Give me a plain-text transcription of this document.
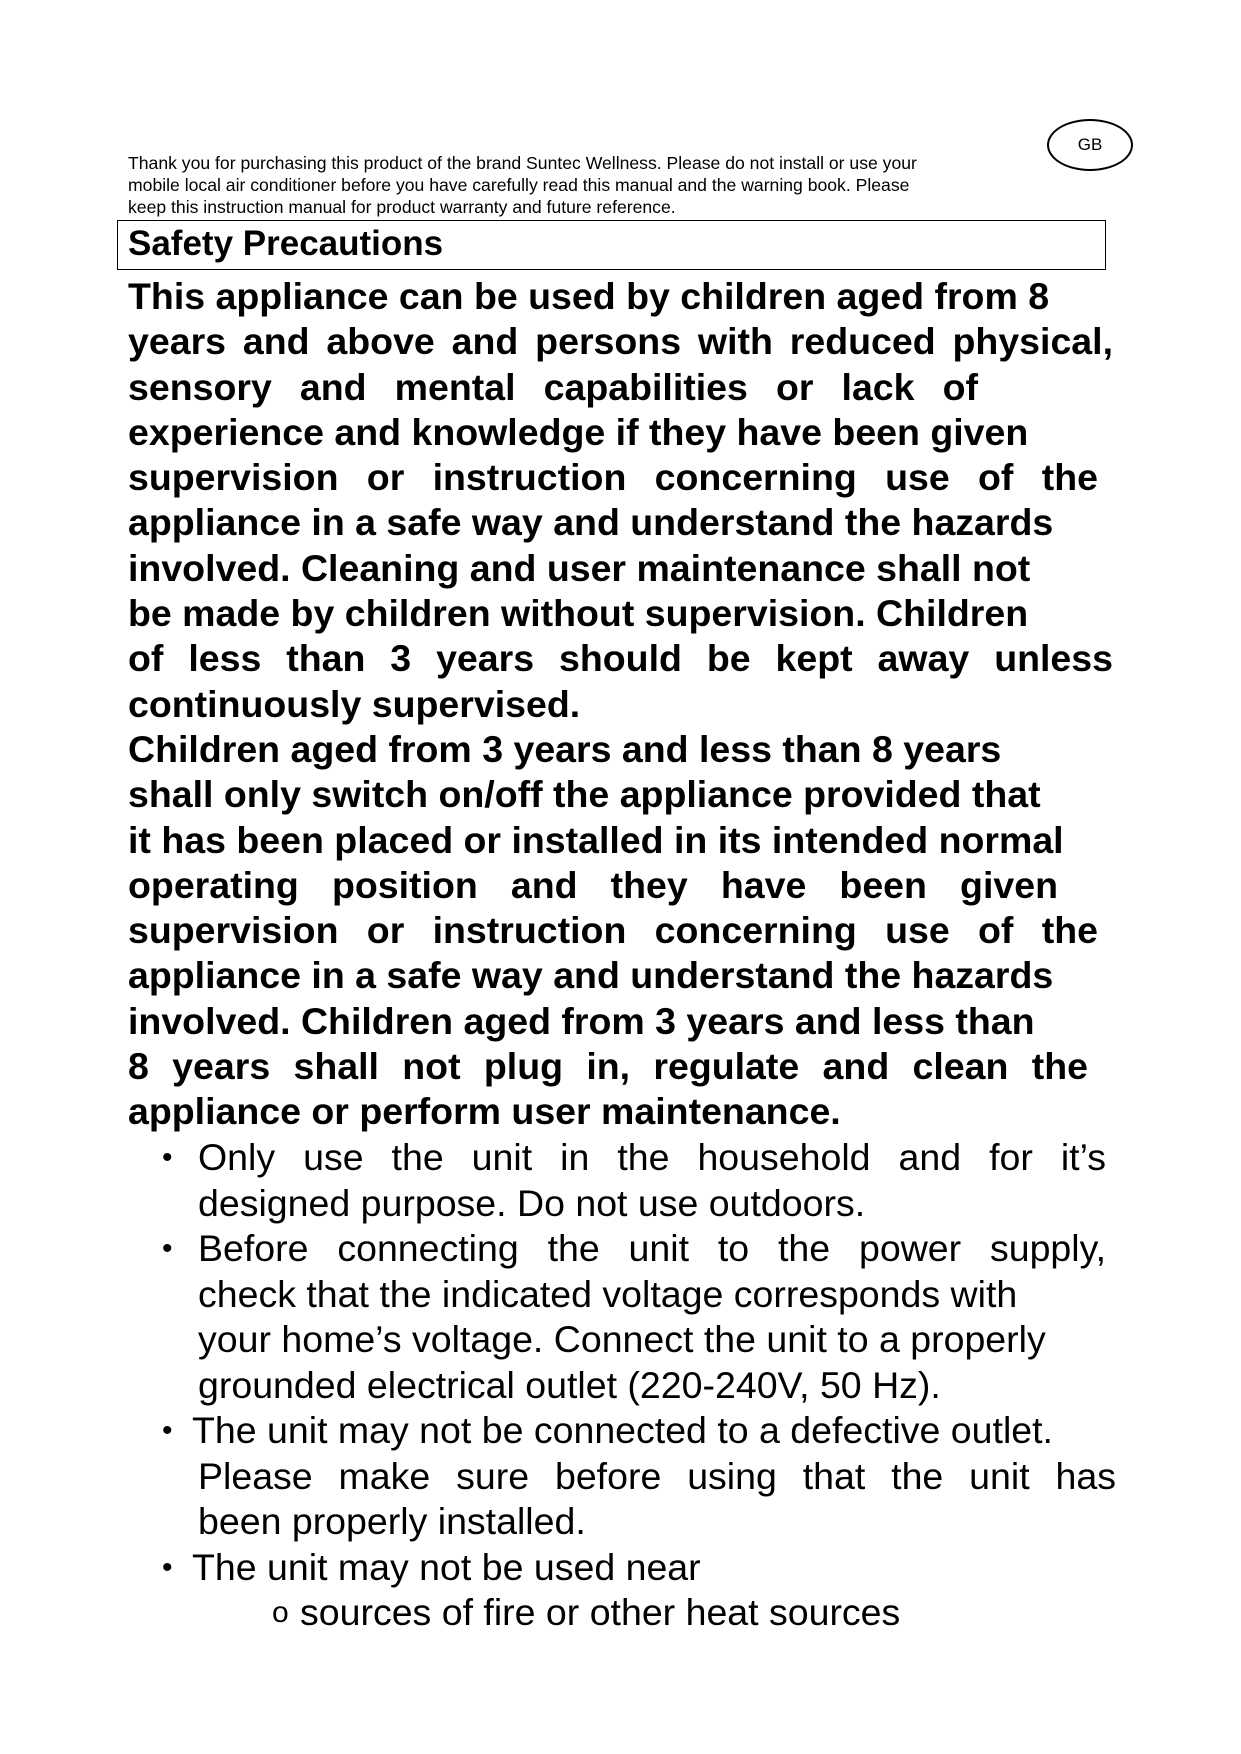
GB

Thank you for purchasing this product of the brand Suntec Wellness. Please do not install or use your
mobile local air conditioner before you have carefully read this manual and the warning book. Please
keep this instruction manual for product warranty and future reference.

Safety Precautions

This appliance can be used by children aged from 8
years and above and persons with reduced physical,
sensory and mental capabilities or lack of
experience and knowledge if they have been given
supervision or instruction concerning use of the
appliance in a safe way and understand the hazards
involved. Cleaning and user maintenance shall not
be made by children without supervision. Children
of less than 3 years should be kept away unless
continuously supervised.
Children aged from 3 years and less than 8 years
shall only switch on/off the appliance provided that
it has been placed or installed in its intended normal
operating position and they have been given
supervision or instruction concerning use of the
appliance in a safe way and understand the hazards
involved. Children aged from 3 years and less than
8 years shall not plug in, regulate and clean the
appliance or perform user maintenance.

• Only use the unit in the household and for it’s
designed purpose. Do not use outdoors.
• Before connecting the unit to the power supply,
check that the indicated voltage corresponds with
your home’s voltage. Connect the unit to a properly
grounded electrical outlet (220-240V, 50 Hz).
• The unit may not be connected to a defective outlet.
Please make sure before using that the unit has
been properly installed.
• The unit may not be used near
o sources of fire or other heat sources
